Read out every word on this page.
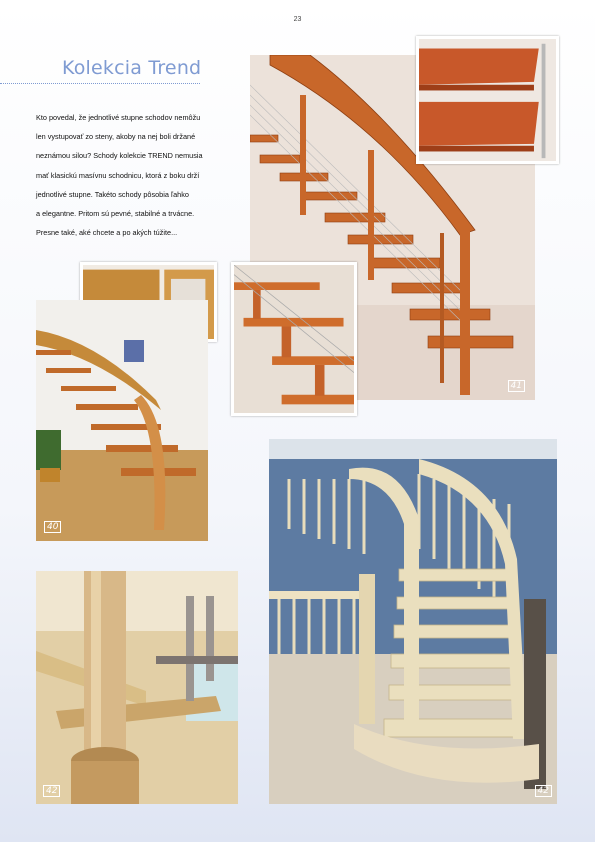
23
Kolekcia Trend
Kto povedal, že jednotlivé stupne schodov nemôžu
len vystupovať zo steny, akoby na nej boli držané
neznámou silou? Schody kolekcie TREND nemusia
mať klasickú masívnu schodnicu, ktorá z boku drží
jednotlivé stupne. Takéto schody pôsobia ľahko
a elegantne. Pritom sú pevné, stabilné a trvácne.
Presne také, aké chcete a po akých túžite...
41
40
42	42
